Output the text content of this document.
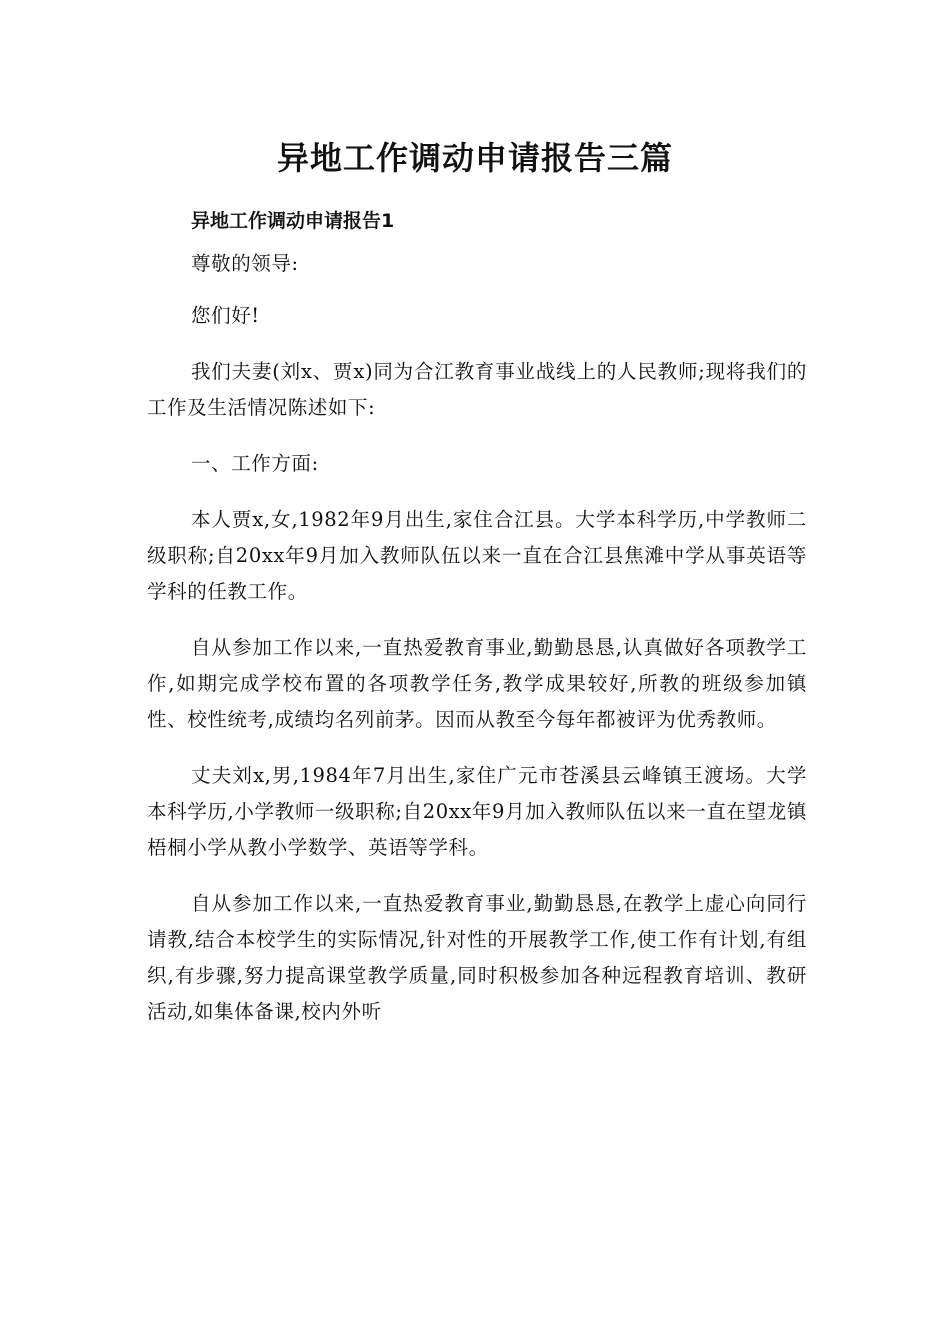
异地工作调动申请报告三篇

异地工作调动申请报告1

尊敬的领导:

您们好!

我们夫妻(刘x、贾x)同为合江教育事业战线上的人民教师;现将我们的工作及生活情况陈述如下:

一、工作方面:

本人贾x,女,1982年9月出生,家住合江县。大学本科学历,中学教师二级职称;自20xx年9月加入教师队伍以来一直在合江县焦滩中学从事英语等学科的任教工作。

自从参加工作以来,一直热爱教育事业,勤勤恳恳,认真做好各项教学工作,如期完成学校布置的各项教学任务,教学成果较好,所教的班级参加镇性、校性统考,成绩均名列前茅。因而从教至今每年都被评为优秀教师。

丈夫刘x,男,1984年7月出生,家住广元市苍溪县云峰镇王渡场。大学本科学历,小学教师一级职称;自20xx年9月加入教师队伍以来一直在望龙镇梧桐小学从教小学数学、英语等学科。

自从参加工作以来,一直热爱教育事业,勤勤恳恳,在教学上虚心向同行请教,结合本校学生的实际情况,针对性的开展教学工作,使工作有计划,有组织,有步骤,努力提高课堂教学质量,同时积极参加各种远程教育培训、教研活动,如集体备课,校内外听
